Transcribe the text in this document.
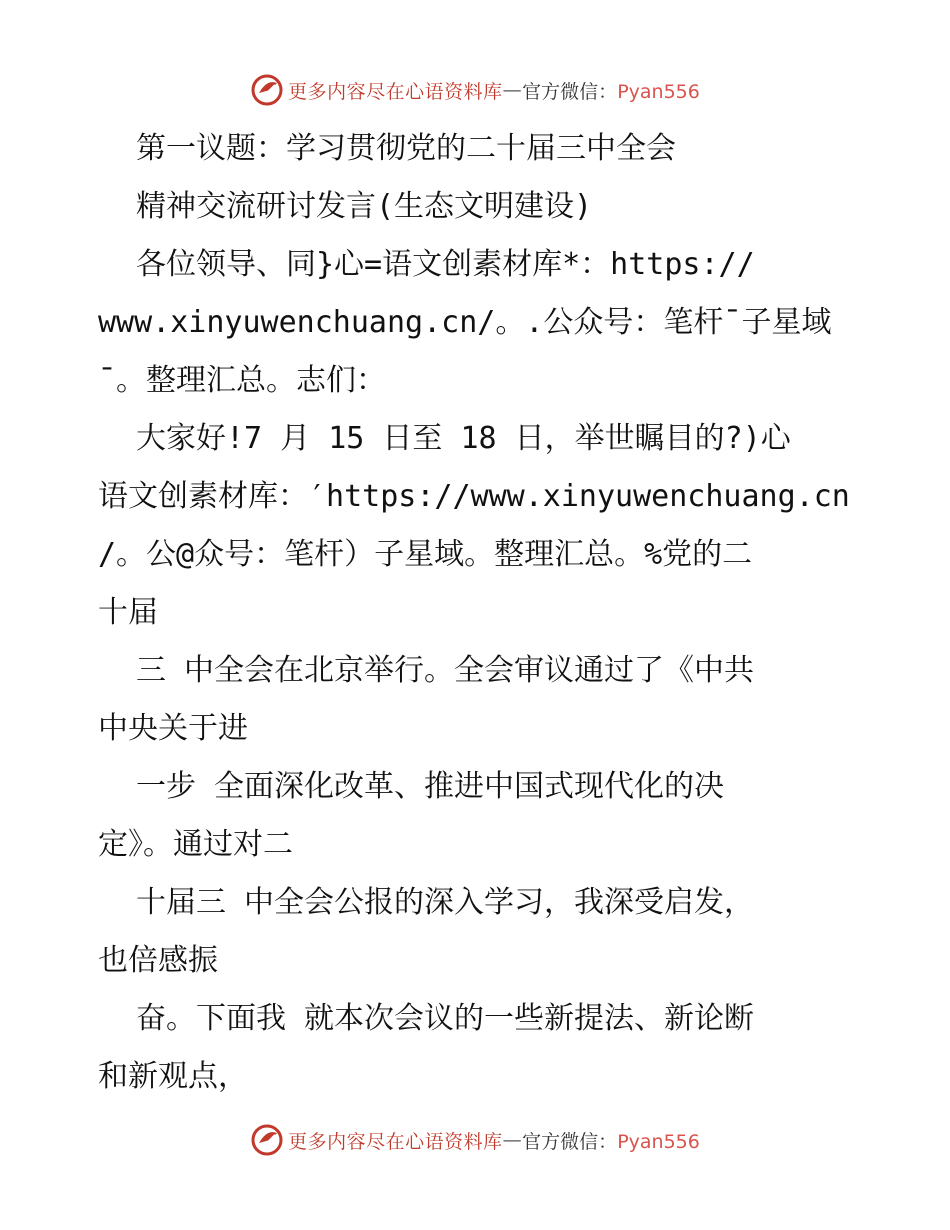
更多内容尽在心语资料库 — 官方微信：Pyan556
第一议题：学习贯彻党的二十届三中全会
精神交流研讨发言(生态文明建设)
各位领导、同}心=语文创素材库*：https://
www.xinyuwenchuang.cn/。.公众号：笔杆¯子星域
¯。整理汇总。志们：
大家好!7 月 15 日至 18 日，举世瞩目的?)心
语文创素材库：′https://www.xinyuwenchuang.cn
/。公@众号：笔杆）子星域。整理汇总。%党的二
十届
三 中全会在北京举行。全会审议通过了《中共
中央关于进
一步 全面深化改革、推进中国式现代化的决
定》。通过对二
十届三 中全会公报的深入学习，我深受启发，
也倍感振
奋。下面我 就本次会议的一些新提法、新论断
和新观点，
更多内容尽在心语资料库 — 官方微信：Pyan556
